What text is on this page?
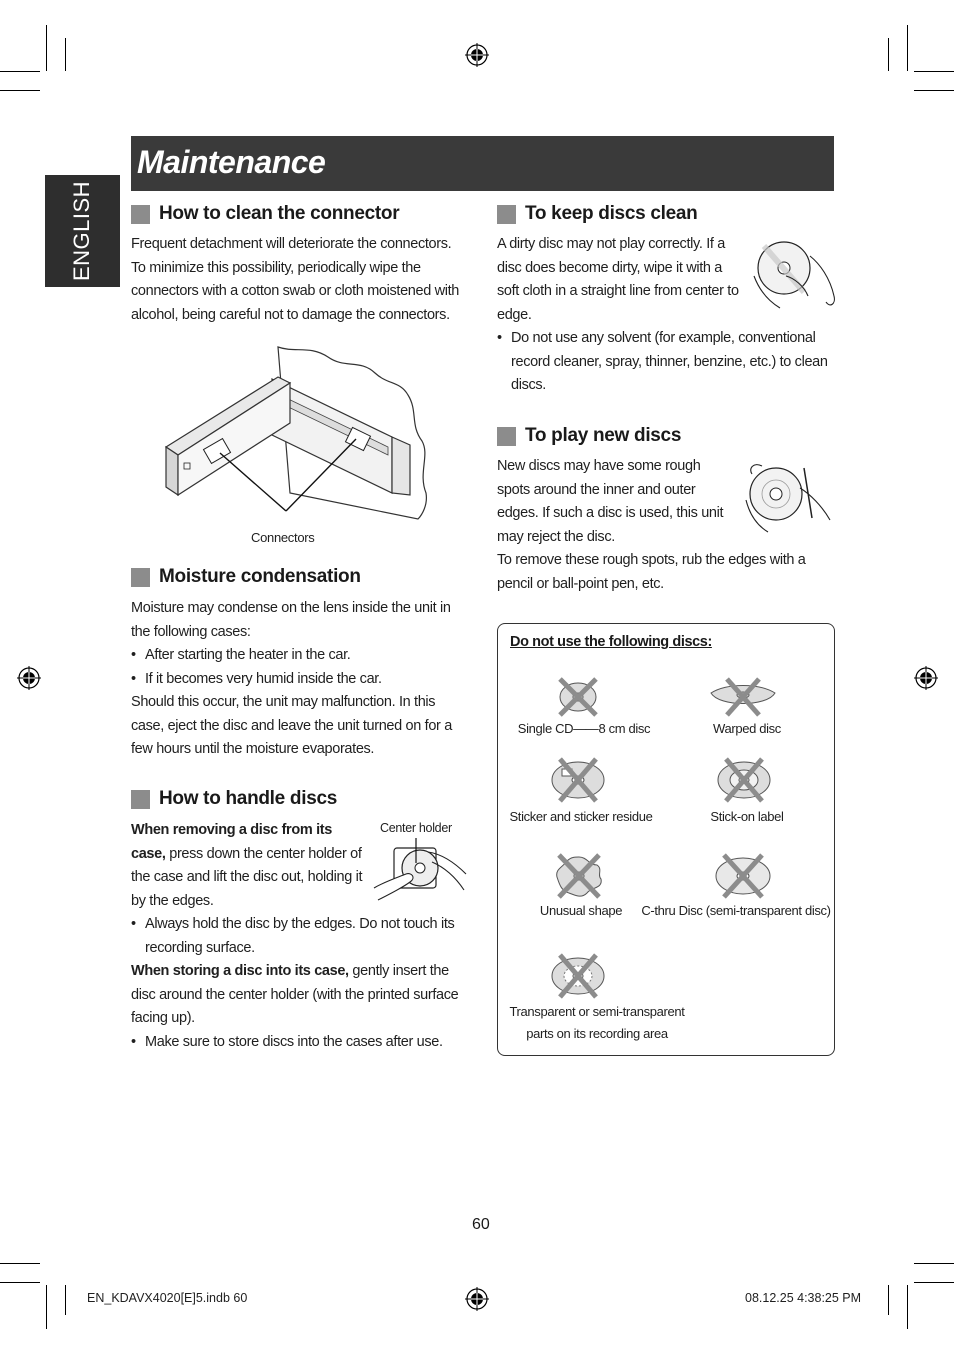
Maintenance
ENGLISH	How to clean the connector

Frequent detachment will deteriorate the connectors. To minimize this possibility, periodically wipe the connectors with a cotton swab or cloth moistened with alcohol, being careful not to damage the connectors.

Connectors
Moisture condensation

Moisture may condense on the lens inside the unit in the following cases:

• After starting the heater in the car.

• If it becomes very humid inside the car.

Should this occur, the unit may malfunction. In this case, eject the disc and leave the unit turned on for a few hours until the moisture evaporates.

How to handle discs

When removing a disc from its case, press down the center holder of the case and lift the disc out, holding it by the edges.

Center holder

• Always hold the disc by the edges. Do not touch its recording surface.

When storing a disc into its case, gently insert the disc around the center holder (with the printed surface facing up).

• Make sure to store discs into the cases after use.

To keep discs clean

A dirty disc may not play correctly. If a disc does become dirty, wipe it with a soft cloth in a straight line from center to edge.

• Do not use any solvent (for example, conventional record cleaner, spray, thinner, benzine, etc.) to clean discs.

To play new discs

New discs may have some rough spots around the inner and outer edges. If such a disc is used, this unit may reject the disc.

To remove these rough spots, rub the edges with a pencil or ball-point pen, etc.

Do not use the following discs:
Single CD——8 cm disc	Warped disc
Sticker and sticker residue	Stick-on label
Unusual shape	C-thru Disc (semi-transparent disc)
Transparent or semi-transparent
parts on its recording area
60
EN_KDAVX4020[E]5.indb 60	08.12.25 4:38:25 PM
